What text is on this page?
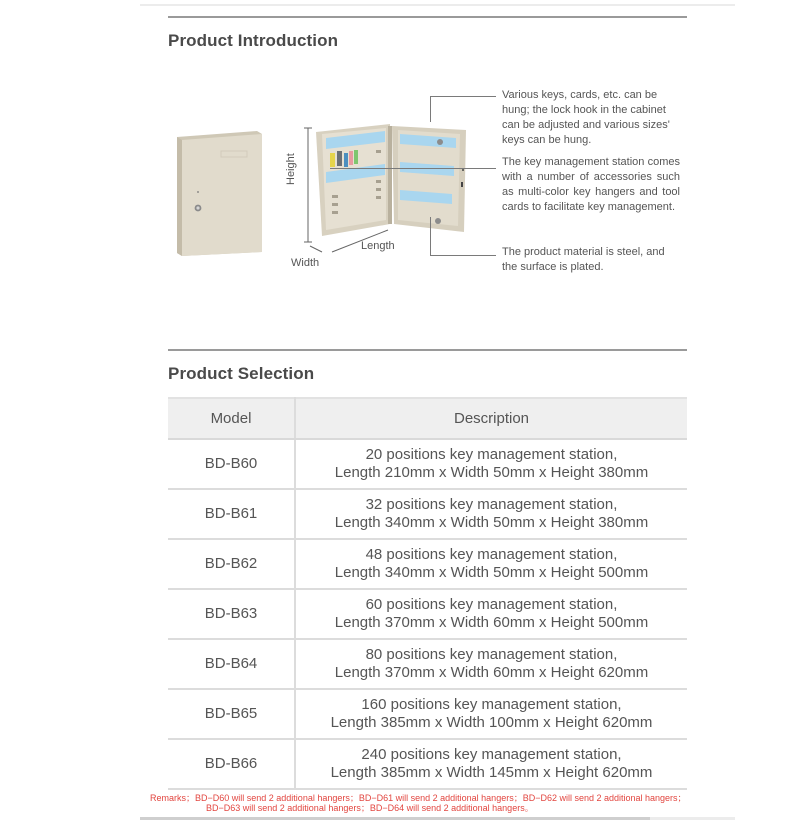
Product Introduction
Height
Length
Width
Various keys, cards, etc. can be hung; the lock hook in the cabinet can be adjusted and various sizes' keys can be hung.
The key management station comes with a number of accessories such as multi-color key hangers and tool cards to facilitate key management.
The product material is steel, and the surface is plated.
Product Selection
Model	Description
BD-B60	20 positions key management station,
Length 210mm x Width 50mm x Height 380mm
BD-B61	32 positions key management station,
Length 340mm x Width 50mm x Height 380mm
BD-B62	48 positions key management station,
Length 340mm x Width 50mm x Height 500mm
BD-B63	60 positions key management station,
Length 370mm x Width 60mm x Height 500mm
BD-B64	80 positions key management station,
Length 370mm x Width 60mm x Height 620mm
BD-B65	160 positions key management station,
Length 385mm x Width 100mm x Height 620mm
BD-B66	240 positions key management station,
Length 385mm x Width 145mm x Height 620mm
Remarks；BD−D60 will send 2 additional hangers；BD−D61 will send 2 additional hangers；BD−D62 will send 2 additional hangers；
BD−D63 will send 2 additional hangers；BD−D64 will send 2 additional hangers。
